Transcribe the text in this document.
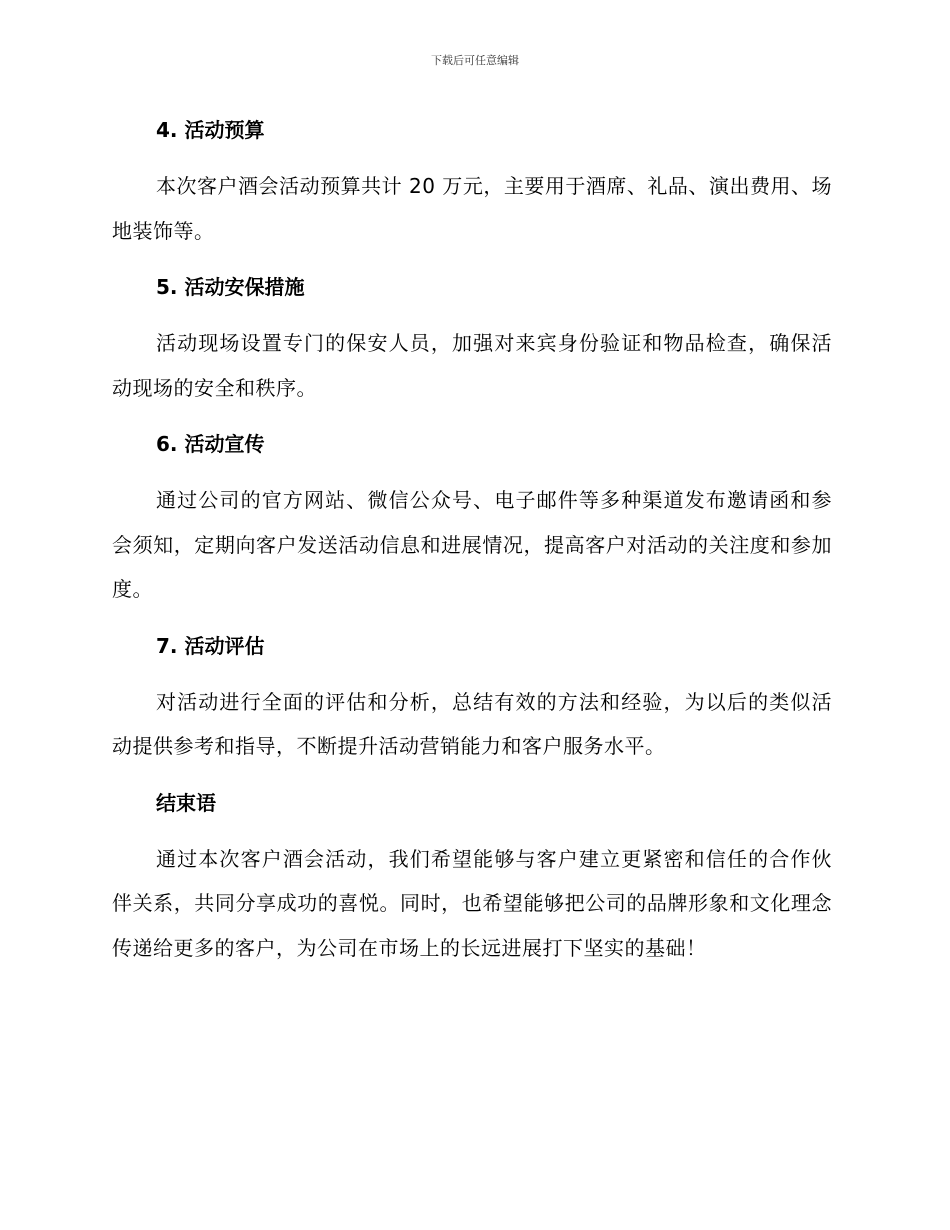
下载后可任意编辑
4. 活动预算

本次客户酒会活动预算共计 20 万元，主要用于酒席、礼品、演出费用、场地装饰等。

5. 活动安保措施

活动现场设置专门的保安人员，加强对来宾身份验证和物品检查，确保活动现场的安全和秩序。

6. 活动宣传

通过公司的官方网站、微信公众号、电子邮件等多种渠道发布邀请函和参会须知，定期向客户发送活动信息和进展情况，提高客户对活动的关注度和参加度。

7. 活动评估

对活动进行全面的评估和分析，总结有效的方法和经验，为以后的类似活动提供参考和指导，不断提升活动营销能力和客户服务水平。

结束语

通过本次客户酒会活动，我们希望能够与客户建立更紧密和信任的合作伙伴关系，共同分享成功的喜悦。同时，也希望能够把公司的品牌形象和文化理念传递给更多的客户，为公司在市场上的长远进展打下坚实的基础！
